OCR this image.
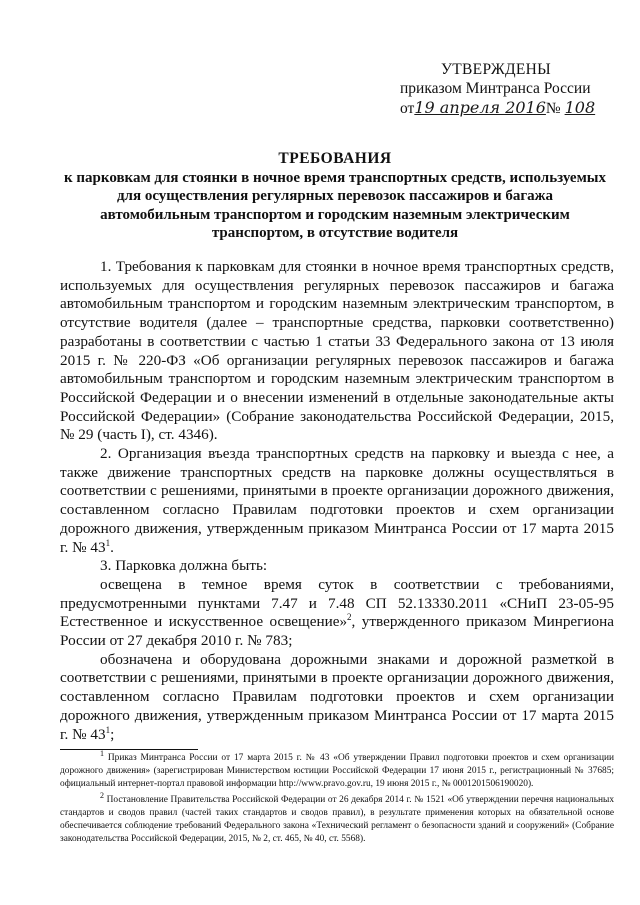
УТВЕРЖДЕНЫ
приказом Минтранса России
от19 апреля 2016№ 108
ТРЕБОВАНИЯ
к парковкам для стоянки в ночное время транспортных средств, используемых для осуществления регулярных перевозок пассажиров и багажа автомобильным транспортом и городским наземным электрическим транспортом, в отсутствие водителя

1. Требования к парковкам для стоянки в ночное время транспортных средств, используемых для осуществления регулярных перевозок пассажиров и багажа автомобильным транспортом и городским наземным электрическим транспортом, в отсутствие водителя (далее – транспортные средства, парковки соответственно) разработаны в соответствии с частью 1 статьи 33 Федерального закона от 13 июля 2015 г. № 220-ФЗ «Об организации регулярных перевозок пассажиров и багажа автомобильным транспортом и городским наземным электрическим транспортом в Российской Федерации и о внесении изменений в отдельные законодательные акты Российской Федерации» (Собрание законодательства Российской Федерации, 2015, № 29 (часть I), ст. 4346).

2. Организация въезда транспортных средств на парковку и выезда с нее, а также движение транспортных средств на парковке должны осуществляться в соответствии с решениями, принятыми в проекте организации дорожного движения, составленном согласно Правилам подготовки проектов и схем организации дорожного движения, утвержденным приказом Минтранса России от 17 марта 2015 г. № $43^1$.

3. Парковка должна быть:

освещена в темное время суток в соответствии с требованиями, предусмотренными пунктами 7.47 и 7.48 СП 52.13330.2011 «СНиП 23-05-95 Естественное и искусственное освещение»$^2$, утвержденного приказом Минрегиона России от 27 декабря 2010 г. № 783;

обозначена и оборудована дорожными знаками и дорожной разметкой в соответствии с решениями, принятыми в проекте организации дорожного движения, составленном согласно Правилам подготовки проектов и схем организации дорожного движения, утвержденным приказом Минтранса России от 17 марта 2015 г. № $43^1$;

$^1$ Приказ Минтранса России от 17 марта 2015 г. № 43 «Об утверждении Правил подготовки проектов и схем организации дорожного движения» (зарегистрирован Министерством юстиции Российской Федерации 17 июня 2015 г., регистрационный № 37685; официальный интернет-портал правовой информации http://www.pravo.gov.ru, 19 июня 2015 г., № 0001201506190020).

$^2$ Постановление Правительства Российской Федерации от 26 декабря 2014 г. № 1521 «Об утверждении перечня национальных стандартов и сводов правил (частей таких стандартов и сводов правил), в результате применения которых на обязательной основе обеспечивается соблюдение требований Федерального закона «Технический регламент о безопасности зданий и сооружений» (Собрание законодательства Российской Федерации, 2015, № 2, ст. 465, № 40, ст. 5568).
